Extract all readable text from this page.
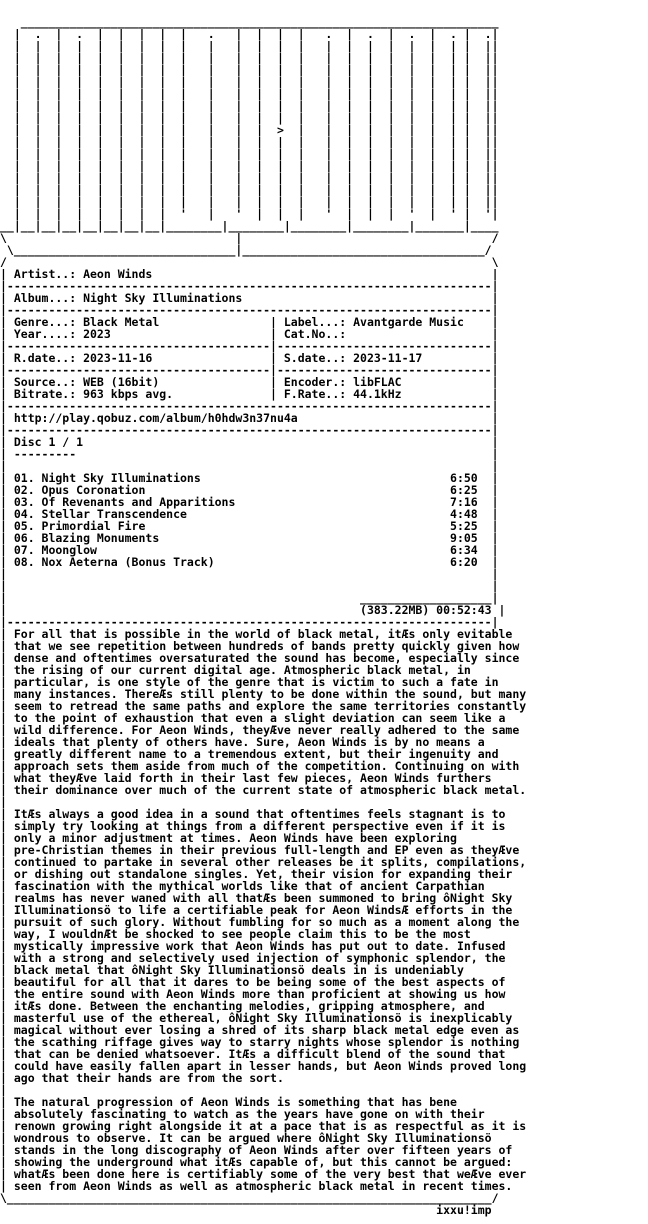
_____________________________________________________________________
|  .  |  .  |  |  |  |  |   .   |  |  |  |   .  |  .  |  .  |  . |  .|
|  |  |  |  |  |  |  |  |   |   |  |  |  |   |  |  |  |  |  |  | |  ||
|  |  |  |  |  |  |  |  |   |   |  |  |  |   |  |  |  |  |  |  | |  ||
|  |  |  |  |  |  |  |  |   |   |  |  |  |   |  |  |  |  |  |  | |  ||
|  |  |  |  |  |  |  |  |   |   |  |  |  |   |  |  |  |  |  |  | |  ||
|  |  |  |  |  |  |  |  |   |   |  |  |  |   |  |  |  |  |  |  | |  ||
|  |  |  |  |  |  |  |  |   |   |  |  |  |   |  |  |  |  |  |  | |  ||
|  |  |  |  |  |  |  |  |   |   |  |  |  |   |  |  |  |  |  |  | |  ||
|  |  |  |  |  |  |  |  |   |   |  |  >  |   |  |  |  |  |  |  | |  ||
|  |  |  |  |  |  |  |  |   |   |  |  |  |   |  |  |  |  |  |  | |  ||
|  |  |  |  |  |  |  |  |   |   |  |  |  |   |  |  |  |  |  |  | |  ||
|  |  |  |  |  |  |  |  |   |   |  |  |  |   |  |  |  |  |  |  | |  ||
|  |  |  |  |  |  |  |  |   |   |  |  |  |   |  |  |  |  |  |  | |  ||
|  |  |  |  |  |  |  |  |   |   |  |  |  |   |  |  |  |  |  |  | |  ||
|  |  |  |  |  |  |  |  |   |   |  |  |  |   |  |  |  |  |  |  | |  ||
|  |  |  |  |  |  |  |  '   |   '  |  |  |   '  |  |  |  '  |  ' |  '|
__|__|__|__|__|__|__|__|________|________|________|________|_______|____
\                                 |                                    /
\________________________________|___________________________________/
/                                                                      \
| Artist..: Aeon Winds                                                 |
|----------------------------------------------------------------------|
| Album...: Night Sky Illuminations                                    |
|----------------------------------------------------------------------|
| Genre...: Black Metal                | Label...: Avantgarde Music    |
| Year....: 2023                       | Cat.No..:                     |
|--------------------------------------|-------------------------------|
| R.date..: 2023-11-16                 | S.date..: 2023-11-17          |
|--------------------------------------|-------------------------------|
| Source..: WEB (16bit)                | Encoder.: libFLAC             |
| Bitrate.: 963 kbps avg.              | F.Rate..: 44.1kHz             |
|----------------------------------------------------------------------|
| http://play.qobuz.com/album/h0hdw3n37nu4a                            |
|----------------------------------------------------------------------|
| Disc 1 / 1                                                           |
| ---------                                                            |
|                                                                      |
| 01. Night Sky Illuminations                                    6:50  |
| 02. Opus Coronation                                            6:25  |
| 03. Of Revenants and Apparitions                               7:16  |
| 04. Stellar Transcendence                                      4:48  |
| 05. Primordial Fire                                            5:25  |
| 06. Blazing Monuments                                          9:05  |
| 07. Moonglow                                                   6:34  |
| 08. Nox Aeterna (Bonus Track)                                  6:20  |
|                                                                      |
|                                                                      |
|                                                   ___________________|
|                                                   (383.22MB) 00:52:43 |
|----------------------------------------------------------------------|
| For all that is possible in the world of black metal, itÆs only evitable
| that we see repetition between hundreds of bands pretty quickly given how
| dense and oftentimes oversaturated the sound has become, especially since
| the rising of our current digital age. Atmospheric black metal, in
| particular, is one style of the genre that is victim to such a fate in
| many instances. ThereÆs still plenty to be done within the sound, but many
| seem to retread the same paths and explore the same territories constantly
| to the point of exhaustion that even a slight deviation can seem like a
| wild difference. For Aeon Winds, theyÆve never really adhered to the same
| ideals that plenty of others have. Sure, Aeon Winds is by no means a
| greatly different name to a tremendous extent, but their ingenuity and
| approach sets them aside from much of the competition. Continuing on with
| what theyÆve laid forth in their last few pieces, Aeon Winds furthers
| their dominance over much of the current state of atmospheric black metal.
|
| ItÆs always a good idea in a sound that oftentimes feels stagnant is to
| simply try looking at things from a different perspective even if it is
| only a minor adjustment at times. Aeon Winds have been exploring
| pre-Christian themes in their previous full-length and EP even as theyÆve
| continued to partake in several other releases be it splits, compilations,
| or dishing out standalone singles. Yet, their vision for expanding their
| fascination with the mythical worlds like that of ancient Carpathian
| realms has never waned with all thatÆs been summoned to bring ôNight Sky
| Illuminationsö to life a certifiable peak for Aeon WindsÆ efforts in the
| pursuit of such glory. Without fumbling for so much as a moment along the
| way, I wouldnÆt be shocked to see people claim this to be the most
| mystically impressive work that Aeon Winds has put out to date. Infused
| with a strong and selectively used injection of symphonic splendor, the
| black metal that ôNight Sky Illuminationsö deals in is undeniably
| beautiful for all that it dares to be being some of the best aspects of
| the entire sound with Aeon Winds more than proficient at showing us how
| itÆs done. Between the enchanting melodies, gripping atmosphere, and
| masterful use of the ethereal, ôNight Sky Illuminationsö is inexplicably
| magical without ever losing a shred of its sharp black metal edge even as
| the scathing riffage gives way to starry nights whose splendor is nothing
| that can be denied whatsoever. ItÆs a difficult blend of the sound that
| could have easily fallen apart in lesser hands, but Aeon Winds proved long
| ago that their hands are from the sort.
|
| The natural progression of Aeon Winds is something that has bene
| absolutely fascinating to watch as the years have gone on with their
| renown growing right alongside it at a pace that is as respectful as it is
| wondrous to observe. It can be argued where ôNight Sky Illuminationsö
| stands in the long discography of Aeon Winds after over fifteen years of
| showing the underground what itÆs capable of, but this cannot be argued:
| whatÆs been done here is certifiably some of the very best that weÆve ever
| seen from Aeon Winds as well as atmospheric black metal in recent times.
\______________________________________________________________________/
ixxu!imp
